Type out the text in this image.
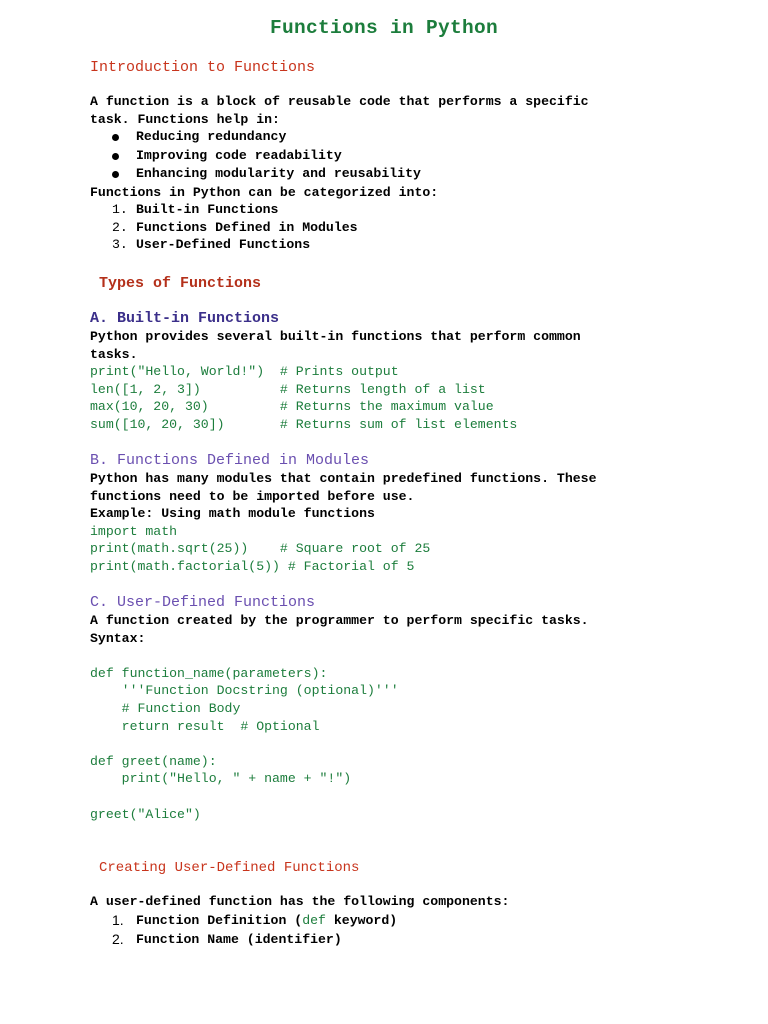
Functions in Python
Introduction to Functions

A function is a block of reusable code that performs a specific

task. Functions help in:

Reducing redundancy
Improving code readability
Enhancing modularity and reusability

Functions in Python can be categorized into:

1. Built-in Functions
2. Functions Defined in Modules
3. User-Defined Functions
Types of Functions
A. Built-in Functions

Python provides several built-in functions that perform common

tasks.

print("Hello, World!")  # Prints output

len([1, 2, 3])          # Returns length of a list

max(10, 20, 30)         # Returns the maximum value

sum([10, 20, 30])       # Returns sum of list elements

B. Functions Defined in Modules

Python has many modules that contain predefined functions. These

functions need to be imported before use.

Example: Using math module functions

import math

print(math.sqrt(25))    # Square root of 25

print(math.factorial(5)) # Factorial of 5

C. User-Defined Functions

A function created by the programmer to perform specific tasks.

Syntax:

def function_name(parameters):

'''Function Docstring (optional)'''

# Function Body

return result  # Optional

def greet(name):

print("Hello, " + name + "!")

greet("Alice")

Creating User-Defined Functions

A user-defined function has the following components:

1. Function Definition (def keyword)
2. Function Name (identifier)
